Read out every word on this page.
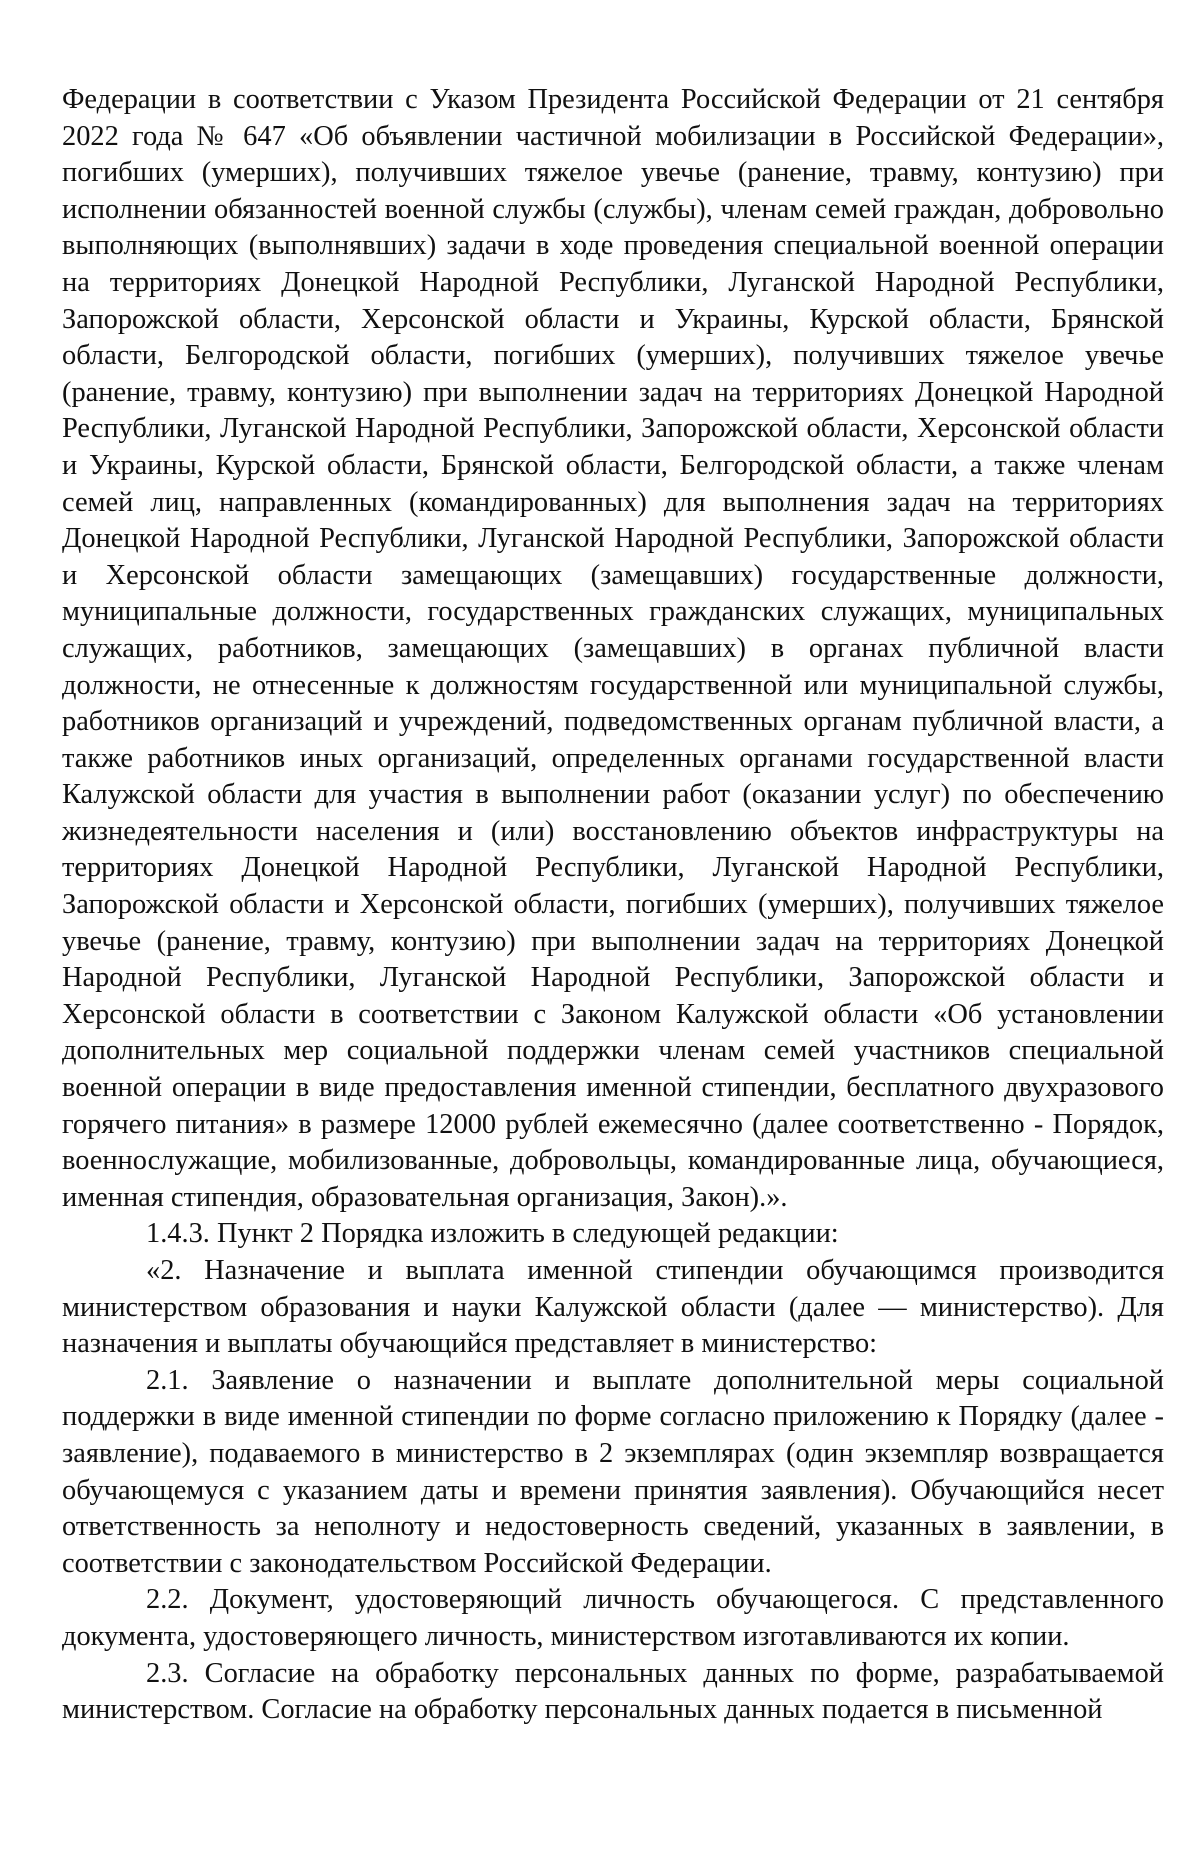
Федерации в соответствии с Указом Президента Российской Федерации от 21 сентября 2022 года № 647 «Об объявлении частичной мобилизации в Российской Федерации», погибших (умерших), получивших тяжелое увечье (ранение, травму, контузию) при исполнении обязанностей военной службы (службы), членам семей граждан, добровольно выполняющих (выполнявших) задачи в ходе проведения специальной военной операции на территориях Донецкой Народной Республики, Луганской Народной Республики, Запорожской области, Херсонской области и Украины, Курской области, Брянской области, Белгородской области, погибших (умерших), получивших тяжелое увечье (ранение, травму, контузию) при выполнении задач на территориях Донецкой Народной Республики, Луганской Народной Республики, Запорожской области, Херсонской области и Украины, Курской области, Брянской области, Белгородской области, а также членам семей лиц, направленных (командированных) для выполнения задач на территориях Донецкой Народной Республики, Луганской Народной Республики, Запорожской области и Херсонской области замещающих (замещавших) государственные должности, муниципальные должности, государственных гражданских служащих, муниципальных служащих, работников, замещающих (замещавших) в органах публичной власти должности, не отнесенные к должностям государственной или муниципальной службы, работников организаций и учреждений, подведомственных органам публичной власти, а также работников иных организаций, определенных органами государственной власти Калужской области для участия в выполнении работ (оказании услуг) по обеспечению жизнедеятельности населения и (или) восстановлению объектов инфраструктуры на территориях Донецкой Народной Республики, Луганской Народной Республики, Запорожской области и Херсонской области, погибших (умерших), получивших тяжелое увечье (ранение, травму, контузию) при выполнении задач на территориях Донецкой Народной Республики, Луганской Народной Республики, Запорожской области и Херсонской области в соответствии с Законом Калужской области «Об установлении дополнительных мер социальной поддержки членам семей участников специальной военной операции в виде предоставления именной стипендии, бесплатного двухразового горячего питания» в размере 12000 рублей ежемесячно (далее соответственно - Порядок, военнослужащие, мобилизованные, добровольцы, командированные лица, обучающиеся, именная стипендия, образовательная организация, Закон).».

1.4.3. Пункт 2 Порядка изложить в следующей редакции:

«2. Назначение и выплата именной стипендии обучающимся производится министерством образования и науки Калужской области (далее — министерство). Для назначения и выплаты обучающийся представляет в министерство:

2.1. Заявление о назначении и выплате дополнительной меры социальной поддержки в виде именной стипендии по форме согласно приложению к Порядку (далее - заявление), подаваемого в министерство в 2 экземплярах (один экземпляр возвращается обучающемуся с указанием даты и времени принятия заявления). Обучающийся несет ответственность за неполноту и недостоверность сведений, указанных в заявлении, в соответствии с законодательством Российской Федерации.

2.2. Документ, удостоверяющий личность обучающегося. С представленного документа, удостоверяющего личность, министерством изготавливаются их копии.

2.3. Согласие на обработку персональных данных по форме, разрабатываемой министерством. Согласие на обработку персональных данных подается в письменной
